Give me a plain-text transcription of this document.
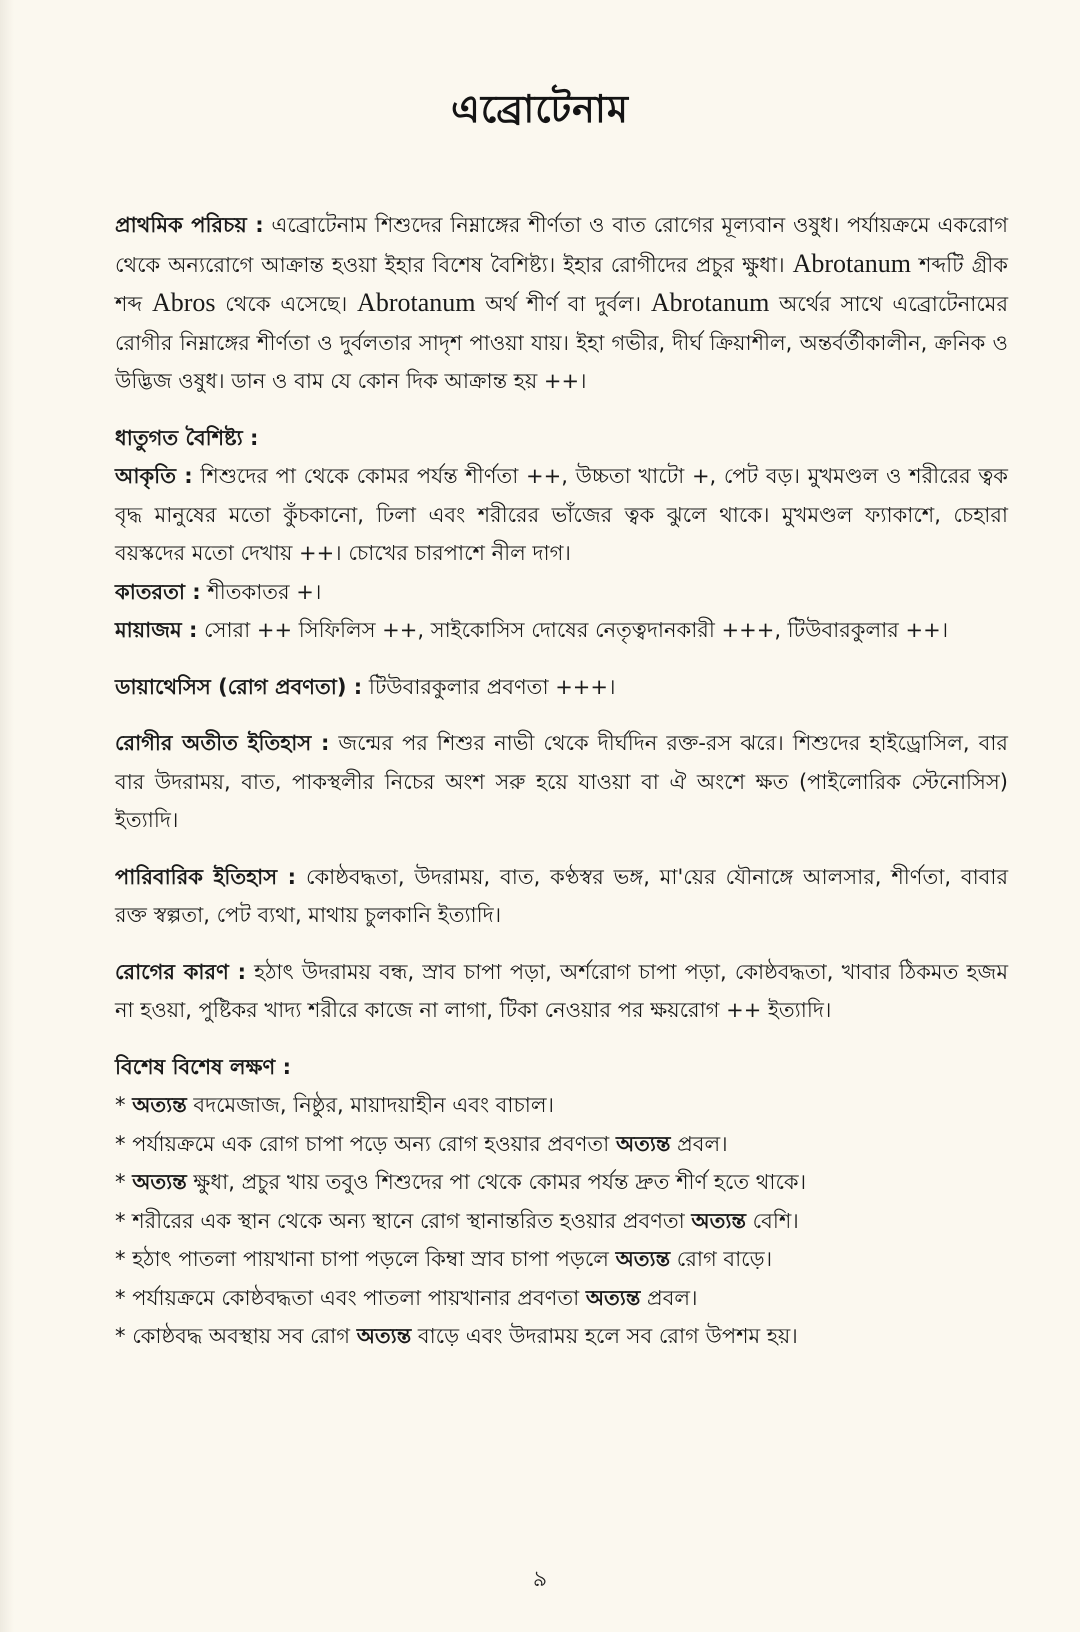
এব্রোটেনাম

প্রাথমিক পরিচয় : এব্রোটেনাম শিশুদের নিম্নাঙ্গের শীর্ণতা ও বাত রোগের মূল্যবান ওষুধ। পর্যায়ক্রমে একরোগ থেকে অন্যরোগে আক্রান্ত হওয়া ইহার বিশেষ বৈশিষ্ট্য। ইহার রোগীদের প্রচুর ক্ষুধা। Abrotanum শব্দটি গ্রীক শব্দ Abros থেকে এসেছে। Abrotanum অর্থ শীর্ণ বা দুর্বল। Abrotanum অর্থের সাথে এব্রোটেনামের রোগীর নিম্নাঙ্গের শীর্ণতা ও দুর্বলতার সাদৃশ পাওয়া যায়। ইহা গভীর, দীর্ঘ ক্রিয়াশীল, অন্তর্বর্তীকালীন, ক্রনিক ও উদ্ভিজ ওষুধ। ডান ও বাম যে কোন দিক আক্রান্ত হয় ++।

ধাতুগত বৈশিষ্ট্য :

আকৃতি : শিশুদের পা থেকে কোমর পর্যন্ত শীর্ণতা ++, উচ্চতা খাটো +, পেট বড়। মুখমণ্ডল ও শরীরের ত্বক বৃদ্ধ মানুষের মতো কুঁচকানো, ঢিলা এবং শরীরের ভাঁজের ত্বক ঝুলে থাকে। মুখমণ্ডল ফ্যাকাশে, চেহারা বয়স্কদের মতো দেখায় ++। চোখের চারপাশে নীল দাগ।

কাতরতা : শীতকাতর +।

মায়াজম : সোরা ++ সিফিলিস ++, সাইকোসিস দোষের নেতৃত্বদানকারী +++, টিউবারকুলার ++।

ডায়াথেসিস (রোগ প্রবণতা) : টিউবারকুলার প্রবণতা +++।

রোগীর অতীত ইতিহাস : জন্মের পর শিশুর নাভী থেকে দীর্ঘদিন রক্ত-রস ঝরে। শিশুদের হাইড্রোসিল, বার বার উদরাময়, বাত, পাকস্থলীর নিচের অংশ সরু হয়ে যাওয়া বা ঐ অংশে ক্ষত (পাইলোরিক স্টেনোসিস) ইত্যাদি।

পারিবারিক ইতিহাস : কোষ্ঠবদ্ধতা, উদরাময়, বাত, কণ্ঠস্বর ভঙ্গ, মা'য়ের যৌনাঙ্গে আলসার, শীর্ণতা, বাবার রক্ত স্বল্পতা, পেট ব্যথা, মাথায় চুলকানি ইত্যাদি।

রোগের কারণ : হঠাৎ উদরাময় বন্ধ, স্রাব চাপা পড়া, অর্শরোগ চাপা পড়া, কোষ্ঠবদ্ধতা, খাবার ঠিকমত হজম না হওয়া, পুষ্টিকর খাদ্য শরীরে কাজে না লাগা, টিকা নেওয়ার পর ক্ষয়রোগ ++ ইত্যাদি।

বিশেষ বিশেষ লক্ষণ :

* অত্যন্ত বদমেজাজ, নিষ্ঠুর, মায়াদয়াহীন এবং বাচাল।
* পর্যায়ক্রমে এক রোগ চাপা পড়ে অন্য রোগ হওয়ার প্রবণতা অত্যন্ত প্রবল।
* অত্যন্ত ক্ষুধা, প্রচুর খায় তবুও শিশুদের পা থেকে কোমর পর্যন্ত দ্রুত শীর্ণ হতে থাকে।
* শরীরের এক স্থান থেকে অন্য স্থানে রোগ স্থানান্তরিত হওয়ার প্রবণতা অত্যন্ত বেশি।
* হঠাৎ পাতলা পায়খানা চাপা পড়লে কিম্বা স্রাব চাপা পড়লে অত্যন্ত রোগ বাড়ে।
* পর্যায়ক্রমে কোষ্ঠবদ্ধতা এবং পাতলা পায়খানার প্রবণতা অত্যন্ত প্রবল।
* কোষ্ঠবদ্ধ অবস্থায় সব রোগ অত্যন্ত বাড়ে এবং উদরাময় হলে সব রোগ উপশম হয়।
৯
